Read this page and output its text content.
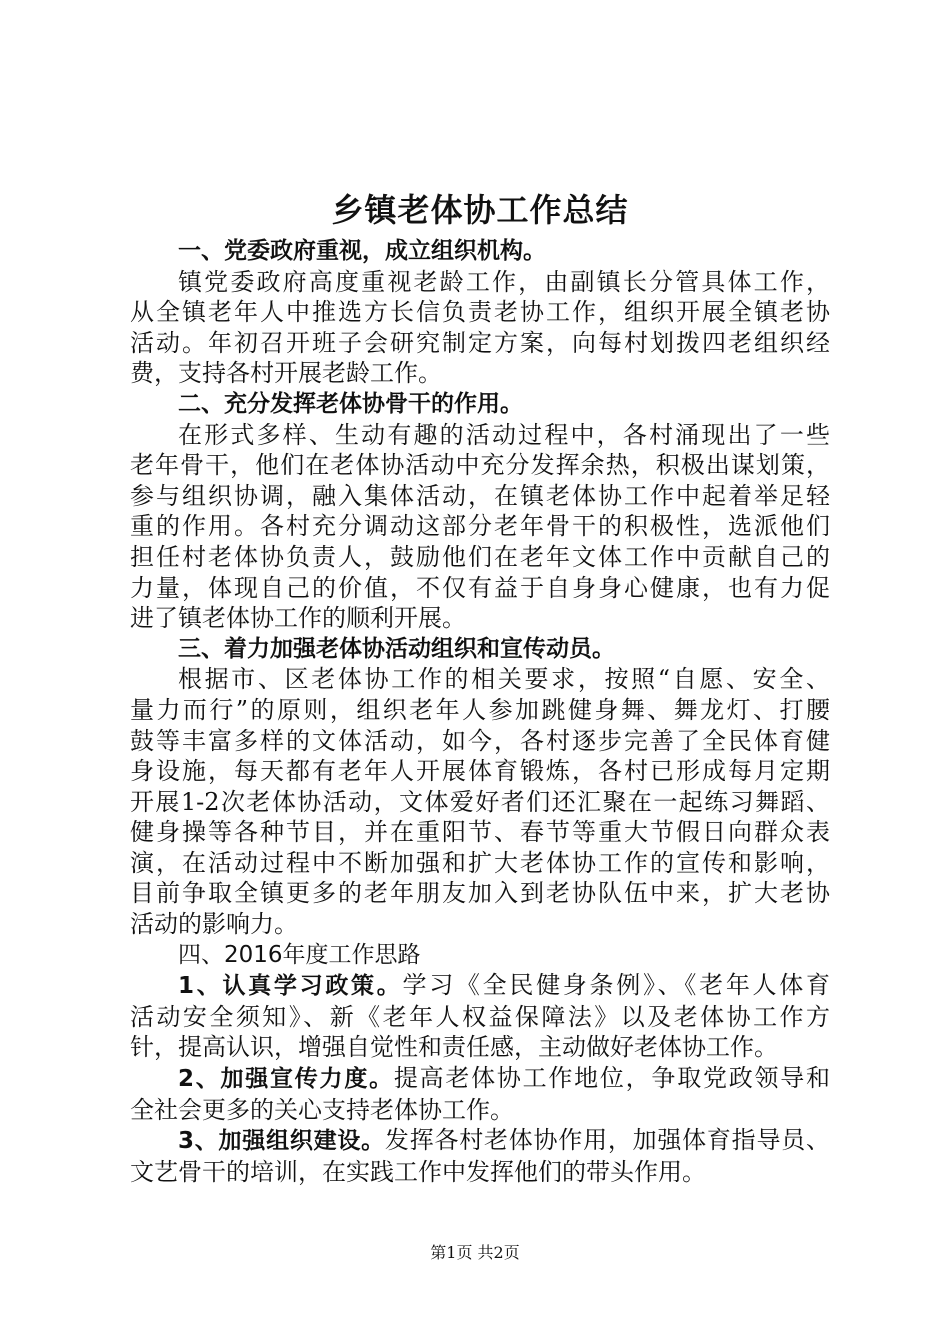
乡镇老体协工作总结
一、党委政府重视，成立组织机构。
镇党委政府高度重视老龄工作，由副镇长分管具体工作，
从全镇老年人中推选方长信负责老协工作，组织开展全镇老协
活动。年初召开班子会研究制定方案，向每村划拨四老组织经
费，支持各村开展老龄工作。
二、充分发挥老体协骨干的作用。
在形式多样、生动有趣的活动过程中，各村涌现出了一些
老年骨干，他们在老体协活动中充分发挥余热，积极出谋划策，
参与组织协调，融入集体活动，在镇老体协工作中起着举足轻
重的作用。各村充分调动这部分老年骨干的积极性，选派他们
担任村老体协负责人，鼓励他们在老年文体工作中贡献自己的
力量，体现自己的价值，不仅有益于自身身心健康，也有力促
进了镇老体协工作的顺利开展。
三、着力加强老体协活动组织和宣传动员。
根据市、区老体协工作的相关要求，按照“自愿、安全、
量力而行”的原则，组织老年人参加跳健身舞、舞龙灯、打腰
鼓等丰富多样的文体活动，如今，各村逐步完善了全民体育健
身设施，每天都有老年人开展体育锻炼，各村已形成每月定期
开展1-2次老体协活动，文体爱好者们还汇聚在一起练习舞蹈、
健身操等各种节目，并在重阳节、春节等重大节假日向群众表
演，在活动过程中不断加强和扩大老体协工作的宣传和影响，
目前争取全镇更多的老年朋友加入到老协队伍中来，扩大老协
活动的影响力。
四、2016年度工作思路
1、认真学习政策。学习《全民健身条例》、《老年人体育
活动安全须知》、新《老年人权益保障法》以及老体协工作方
针，提高认识，增强自觉性和责任感，主动做好老体协工作。
2、加强宣传力度。提高老体协工作地位，争取党政领导和
全社会更多的关心支持老体协工作。
3、加强组织建设。发挥各村老体协作用，加强体育指导员、
文艺骨干的培训，在实践工作中发挥他们的带头作用。
第1页 共2页
